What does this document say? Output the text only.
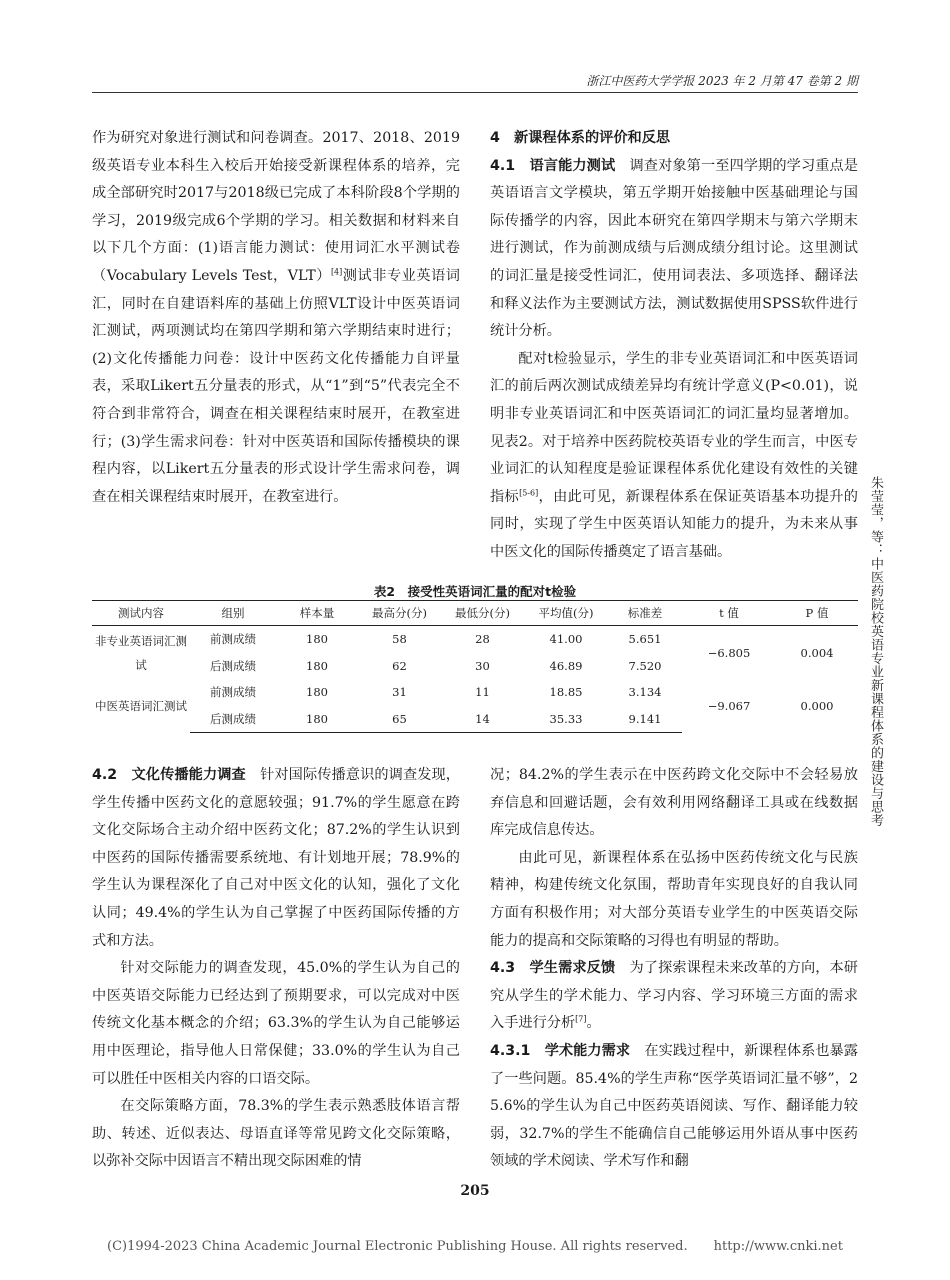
浙江中医药大学学报 2023 年 2 月第 47 卷第 2 期
朱莹莹，等：中医药院校英语专业新课程体系的建设与思考

作为研究对象进行测试和问卷调查。2017、2018、2019级英语专业本科生入校后开始接受新课程体系的培养，完成全部研究时2017与2018级已完成了本科阶段8个学期的学习，2019级完成6个学期的学习。相关数据和材料来自以下几个方面：(1)语言能力测试：使用词汇水平测试卷（Vocabulary Levels Test，VLT）[4]测试非专业英语词汇，同时在自建语料库的基础上仿照VLT设计中医英语词汇测试，两项测试均在第四学期和第六学期结束时进行；(2)文化传播能力问卷：设计中医药文化传播能力自评量表，采取Likert五分量表的形式，从“1”到“5”代表完全不符合到非常符合，调查在相关课程结束时展开，在教室进行；(3)学生需求问卷：针对中医英语和国际传播模块的课程内容，以Likert五分量表的形式设计学生需求问卷，调查在相关课程结束时展开，在教室进行。

4　新课程体系的评价和反思

4.1　语言能力测试　调查对象第一至四学期的学习重点是英语语言文学模块，第五学期开始接触中医基础理论与国际传播学的内容，因此本研究在第四学期末与第六学期末进行测试，作为前测成绩与后测成绩分组讨论。这里测试的词汇量是接受性词汇，使用词表法、多项选择、翻译法和释义法作为主要测试方法，测试数据使用SPSS软件进行统计分析。

配对t检验显示，学生的非专业英语词汇和中医英语词汇的前后两次测试成绩差异均有统计学意义(P<0.01)，说明非专业英语词汇和中医英语词汇的词汇量均显著增加。见表2。对于培养中医药院校英语专业的学生而言，中医专业词汇的认知程度是验证课程体系优化建设有效性的关键指标[5-6]，由此可见，新课程体系在保证英语基本功提升的同时，实现了学生中医英语认知能力的提升，为未来从事中医文化的国际传播奠定了语言基础。

表2　接受性英语词汇量的配对t检验
测试内容	组别	样本量	最高分(分)	最低分(分)	平均值(分)	标准差	t 值	P 值
非专业英语词汇测试	前测成绩	180	58	28	41.00	5.651	−6.805	0.004
	后测成绩	180	62	30	46.89	7.520		
中医英语词汇测试	前测成绩	180	31	11	18.85	3.134	−9.067	0.000
	后测成绩	180	65	14	35.33	9.141		

4.2　文化传播能力调查　针对国际传播意识的调查发现，学生传播中医药文化的意愿较强；91.7%的学生愿意在跨文化交际场合主动介绍中医药文化；87.2%的学生认识到中医药的国际传播需要系统地、有计划地开展；78.9%的学生认为课程深化了自己对中医文化的认知，强化了文化认同；49.4%的学生认为自己掌握了中医药国际传播的方式和方法。

针对交际能力的调查发现，45.0%的学生认为自己的中医英语交际能力已经达到了预期要求，可以完成对中医传统文化基本概念的介绍；63.3%的学生认为自己能够运用中医理论，指导他人日常保健；33.0%的学生认为自己可以胜任中医相关内容的口语交际。

在交际策略方面，78.3%的学生表示熟悉肢体语言帮助、转述、近似表达、母语直译等常见跨文化交际策略，以弥补交际中因语言不精出现交际困难的情

况；84.2%的学生表示在中医药跨文化交际中不会轻易放弃信息和回避话题，会有效利用网络翻译工具或在线数据库完成信息传达。

由此可见，新课程体系在弘扬中医药传统文化与民族精神，构建传统文化氛围，帮助青年实现良好的自我认同方面有积极作用；对大部分英语专业学生的中医英语交际能力的提高和交际策略的习得也有明显的帮助。

4.3　学生需求反馈　为了探索课程未来改革的方向，本研究从学生的学术能力、学习内容、学习环境三方面的需求入手进行分析[7]。

4.3.1　学术能力需求　在实践过程中，新课程体系也暴露了一些问题。85.4%的学生声称“医学英语词汇量不够”，25.6%的学生认为自己中医药英语阅读、写作、翻译能力较弱，32.7%的学生不能确信自己能够运用外语从事中医药领域的学术阅读、学术写作和翻

205
(C)1994-2023 China Academic Journal Electronic Publishing House. All rights reserved.　　http://www.cnki.net
